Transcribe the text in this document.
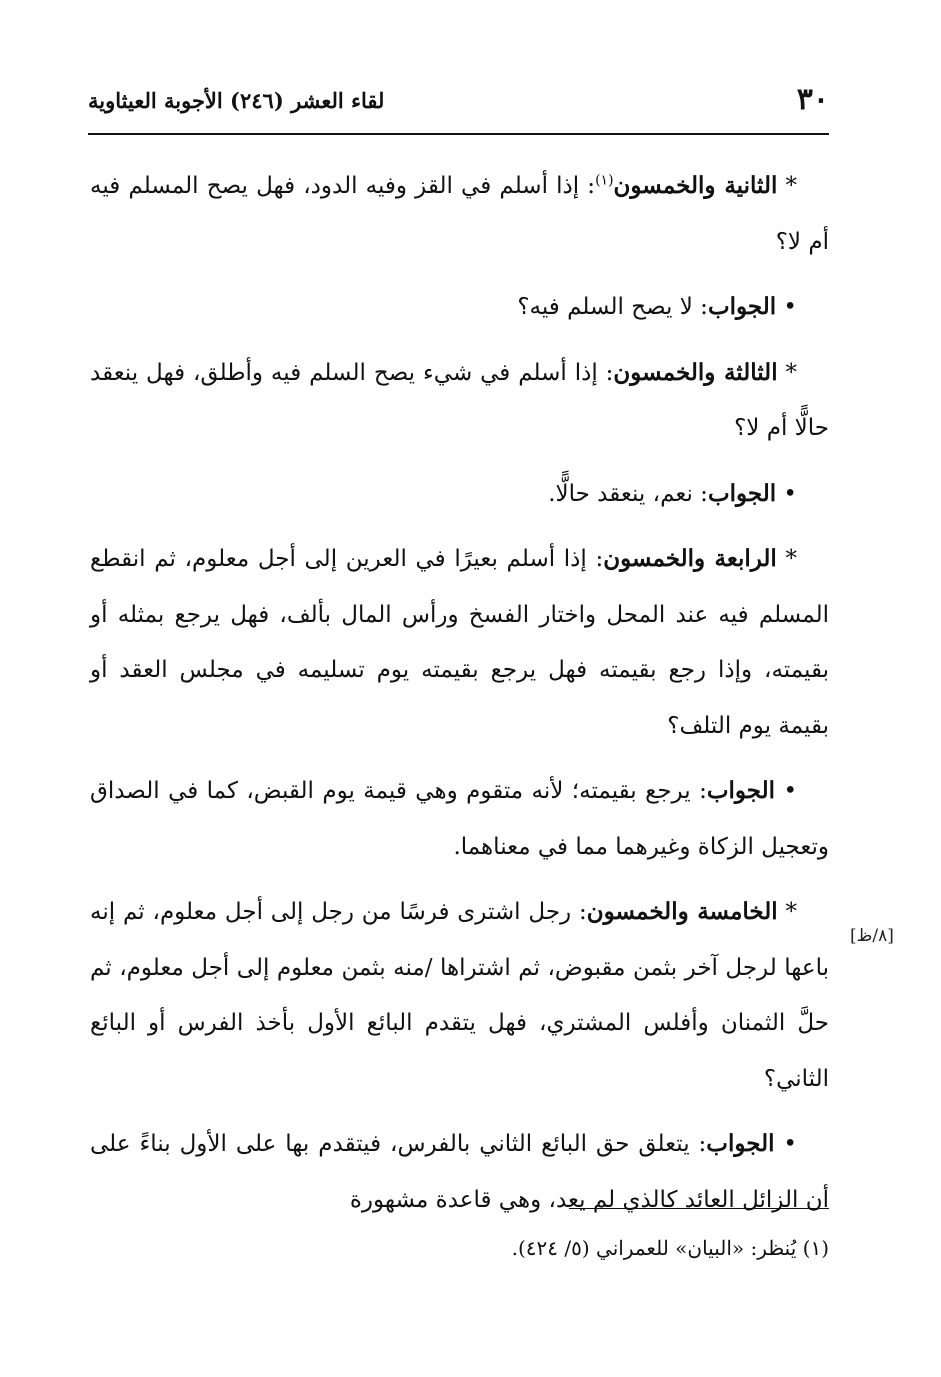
٣٠
لقاء العشر (٢٤٦) الأجوبة العيثاوية

* الثانية والخمسون$^{(١)}$: إذا أسلم في القز وفيه الدود، فهل يصح المسلم فيه أم لا؟

• الجواب: لا يصح السلم فيه؟

* الثالثة والخمسون: إذا أسلم في شيء يصح السلم فيه وأطلق، فهل ينعقد حالًّا أم لا؟

• الجواب: نعم، ينعقد حالًّا.

* الرابعة والخمسون: إذا أسلم بعيرًا في العرين إلى أجل معلوم، ثم انقطع المسلم فيه عند المحل واختار الفسخ ورأس المال بألف، فهل يرجع بمثله أو بقيمته، وإذا رجع بقيمته فهل يرجع بقيمته يوم تسليمه في مجلس العقد أو بقيمة يوم التلف؟

• الجواب: يرجع بقيمته؛ لأنه متقوم وهي قيمة يوم القبض، كما في الصداق وتعجيل الزكاة وغيرهما مما في معناهما.

* الخامسة والخمسون: رجل اشترى فرسًا من رجل إلى أجل معلوم، ثم إنه باعها لرجل آخر بثمن مقبوض، ثم اشتراها /منه بثمن معلوم إلى أجل معلوم، ثم حلَّ الثمنان وأفلس المشتري، فهل يتقدم البائع الأول بأخذ الفرس أو البائع الثاني؟

• الجواب: يتعلق حق البائع الثاني بالفرس، فيتقدم بها على الأول بناءً على أن الزائل العائد كالذي لم يعد، وهي قاعدة مشهورة

[٨/ظ]
(١) يُنظر: «البيان» للعمراني (٥/ ٤٢٤).
